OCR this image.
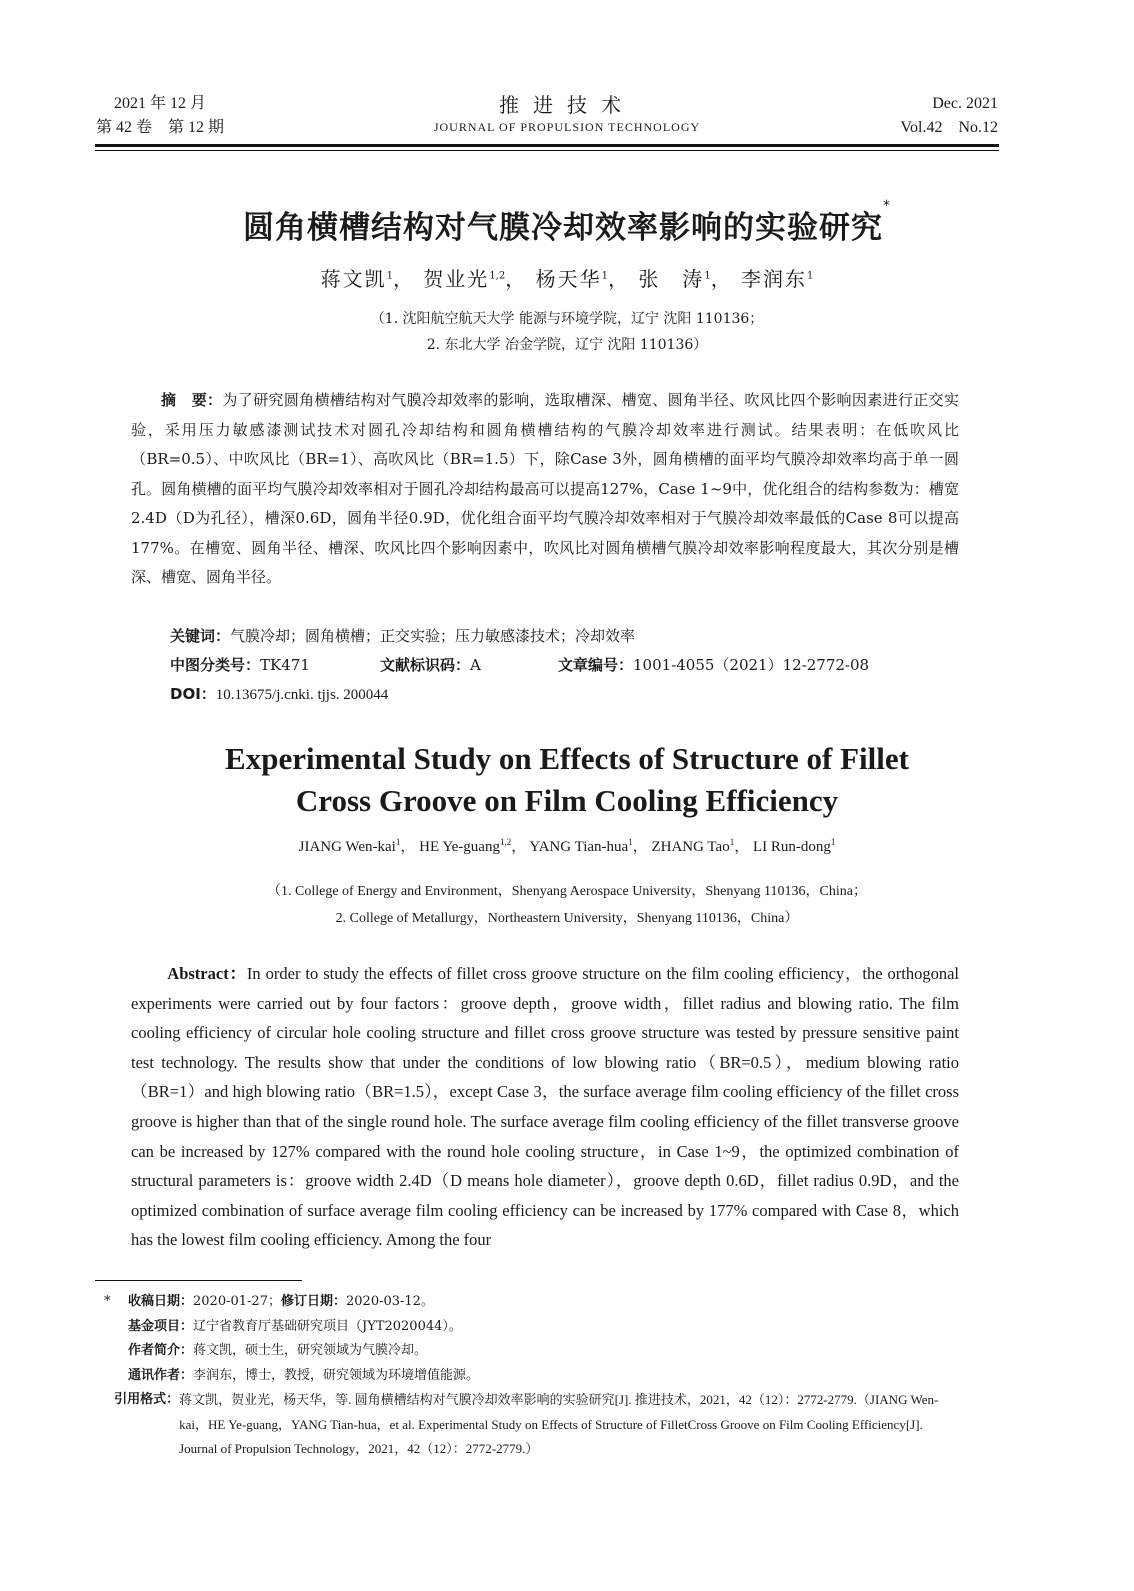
2021 年 12 月
第 42 卷　第 12 期
推进技术
JOURNAL OF PROPULSION TECHNOLOGY
Dec. 2021
Vol.42　No.12
圆角横槽结构对气膜冷却效率影响的实验研究*
蒋文凯$^1$， 贺业光$^{1,2}$， 杨天华$^1$， 张　涛$^1$， 李润东$^1$
（1. 沈阳航空航天大学 能源与环境学院，辽宁 沈阳 110136；
2. 东北大学 冶金学院，辽宁 沈阳 110136）
摘　要：为了研究圆角横槽结构对气膜冷却效率的影响，选取槽深、槽宽、圆角半径、吹风比四个影响因素进行正交实验，采用压力敏感漆测试技术对圆孔冷却结构和圆角横槽结构的气膜冷却效率进行测试。结果表明：在低吹风比（BR=0.5）、中吹风比（BR=1）、高吹风比（BR=1.5）下，除Case 3外，圆角横槽的面平均气膜冷却效率均高于单一圆孔。圆角横槽的面平均气膜冷却效率相对于圆孔冷却结构最高可以提高127%，Case 1~9中，优化组合的结构参数为：槽宽2.4D（D为孔径），槽深0.6D，圆角半径0.9D，优化组合面平均气膜冷却效率相对于气膜冷却效率最低的Case 8可以提高177%。在槽宽、圆角半径、槽深、吹风比四个影响因素中，吹风比对圆角横槽气膜冷却效率影响程度最大，其次分别是槽深、槽宽、圆角半径。
关键词：气膜冷却；圆角横槽；正交实验；压力敏感漆技术；冷却效率
中图分类号：TK471	文献标识码：A	文章编号：1001-4055（2021）12-2772-08
DOI：10.13675/j.cnki. tjjs. 200044
Experimental Study on Effects of Structure of Fillet
Cross Groove on Film Cooling Efficiency
JIANG Wen-kai$^1$， HE Ye-guang$^{1,2}$， YANG Tian-hua$^1$， ZHANG Tao$^1$， LI Run-dong$^1$
（1. College of Energy and Environment，Shenyang Aerospace University，Shenyang 110136，China；
2. College of Metallurgy，Northeastern University，Shenyang 110136，China）
Abstract：In order to study the effects of fillet cross groove structure on the film cooling efficiency，the orthogonal experiments were carried out by four factors：groove depth，groove width，fillet radius and blowing ratio. The film cooling efficiency of circular hole cooling structure and fillet cross groove structure was tested by pressure sensitive paint test technology. The results show that under the conditions of low blowing ratio（BR=0.5），medium blowing ratio（BR=1）and high blowing ratio（BR=1.5），except Case 3，the surface average film cooling efficiency of the fillet cross groove is higher than that of the single round hole. The surface average film cooling efficiency of the fillet transverse groove can be increased by 127% compared with the round hole cooling structure，in Case 1~9，the optimized combination of structural parameters is：groove width 2.4D（D means hole diameter），groove depth 0.6D，fillet radius 0.9D，and the optimized combination of surface average film cooling efficiency can be increased by 177% compared with Case 8，which has the lowest film cooling efficiency. Among the four
*	收稿日期：2020-01-27；修订日期：2020-03-12。
基金项目：辽宁省教育厅基础研究项目（JYT2020044）。
作者简介：蒋文凯，硕士生，研究领域为气膜冷却。
通讯作者：李润东，博士，教授，研究领域为环境增值能源。
引用格式： 蒋文凯，贺业光，杨天华，等. 圆角横槽结构对气膜冷却效率影响的实验研究[J]. 推进技术，2021，42（12）：2772-2779.（JIANG Wen-kai，HE Ye-guang，YANG Tian-hua，et al. Experimental Study on Effects of Structure of FilletCross Groove on Film Cooling Efficiency[J]. Journal of Propulsion Technology，2021，42（12）：2772-2779.）
